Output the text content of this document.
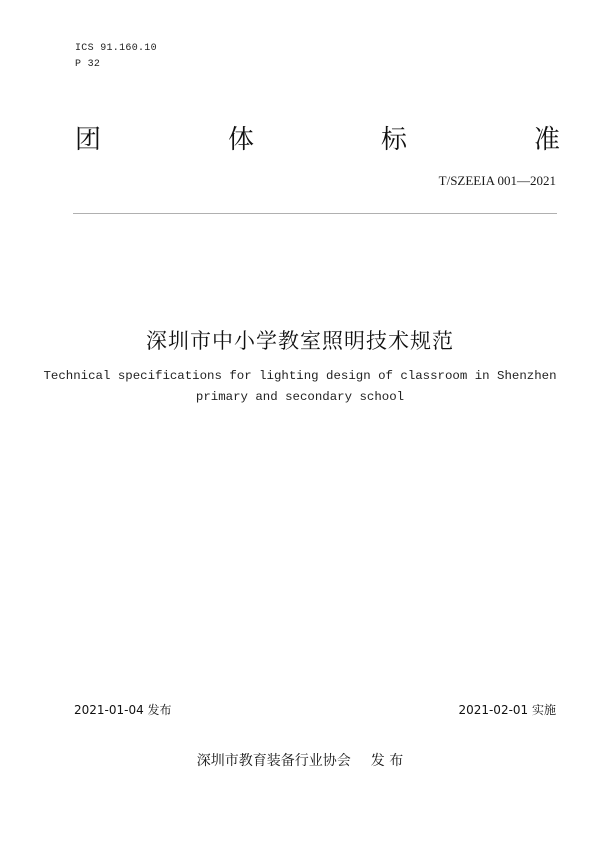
ICS 91.160.10
P 32
团	体	标	准
T/SZEEIA 001—2021
深圳市中小学教室照明技术规范
Technical specifications for lighting design of classroom in Shenzhen
primary and secondary school
2021-01-04 发布	2021-02-01 实施
深圳市教育装备行业协会 发 布
